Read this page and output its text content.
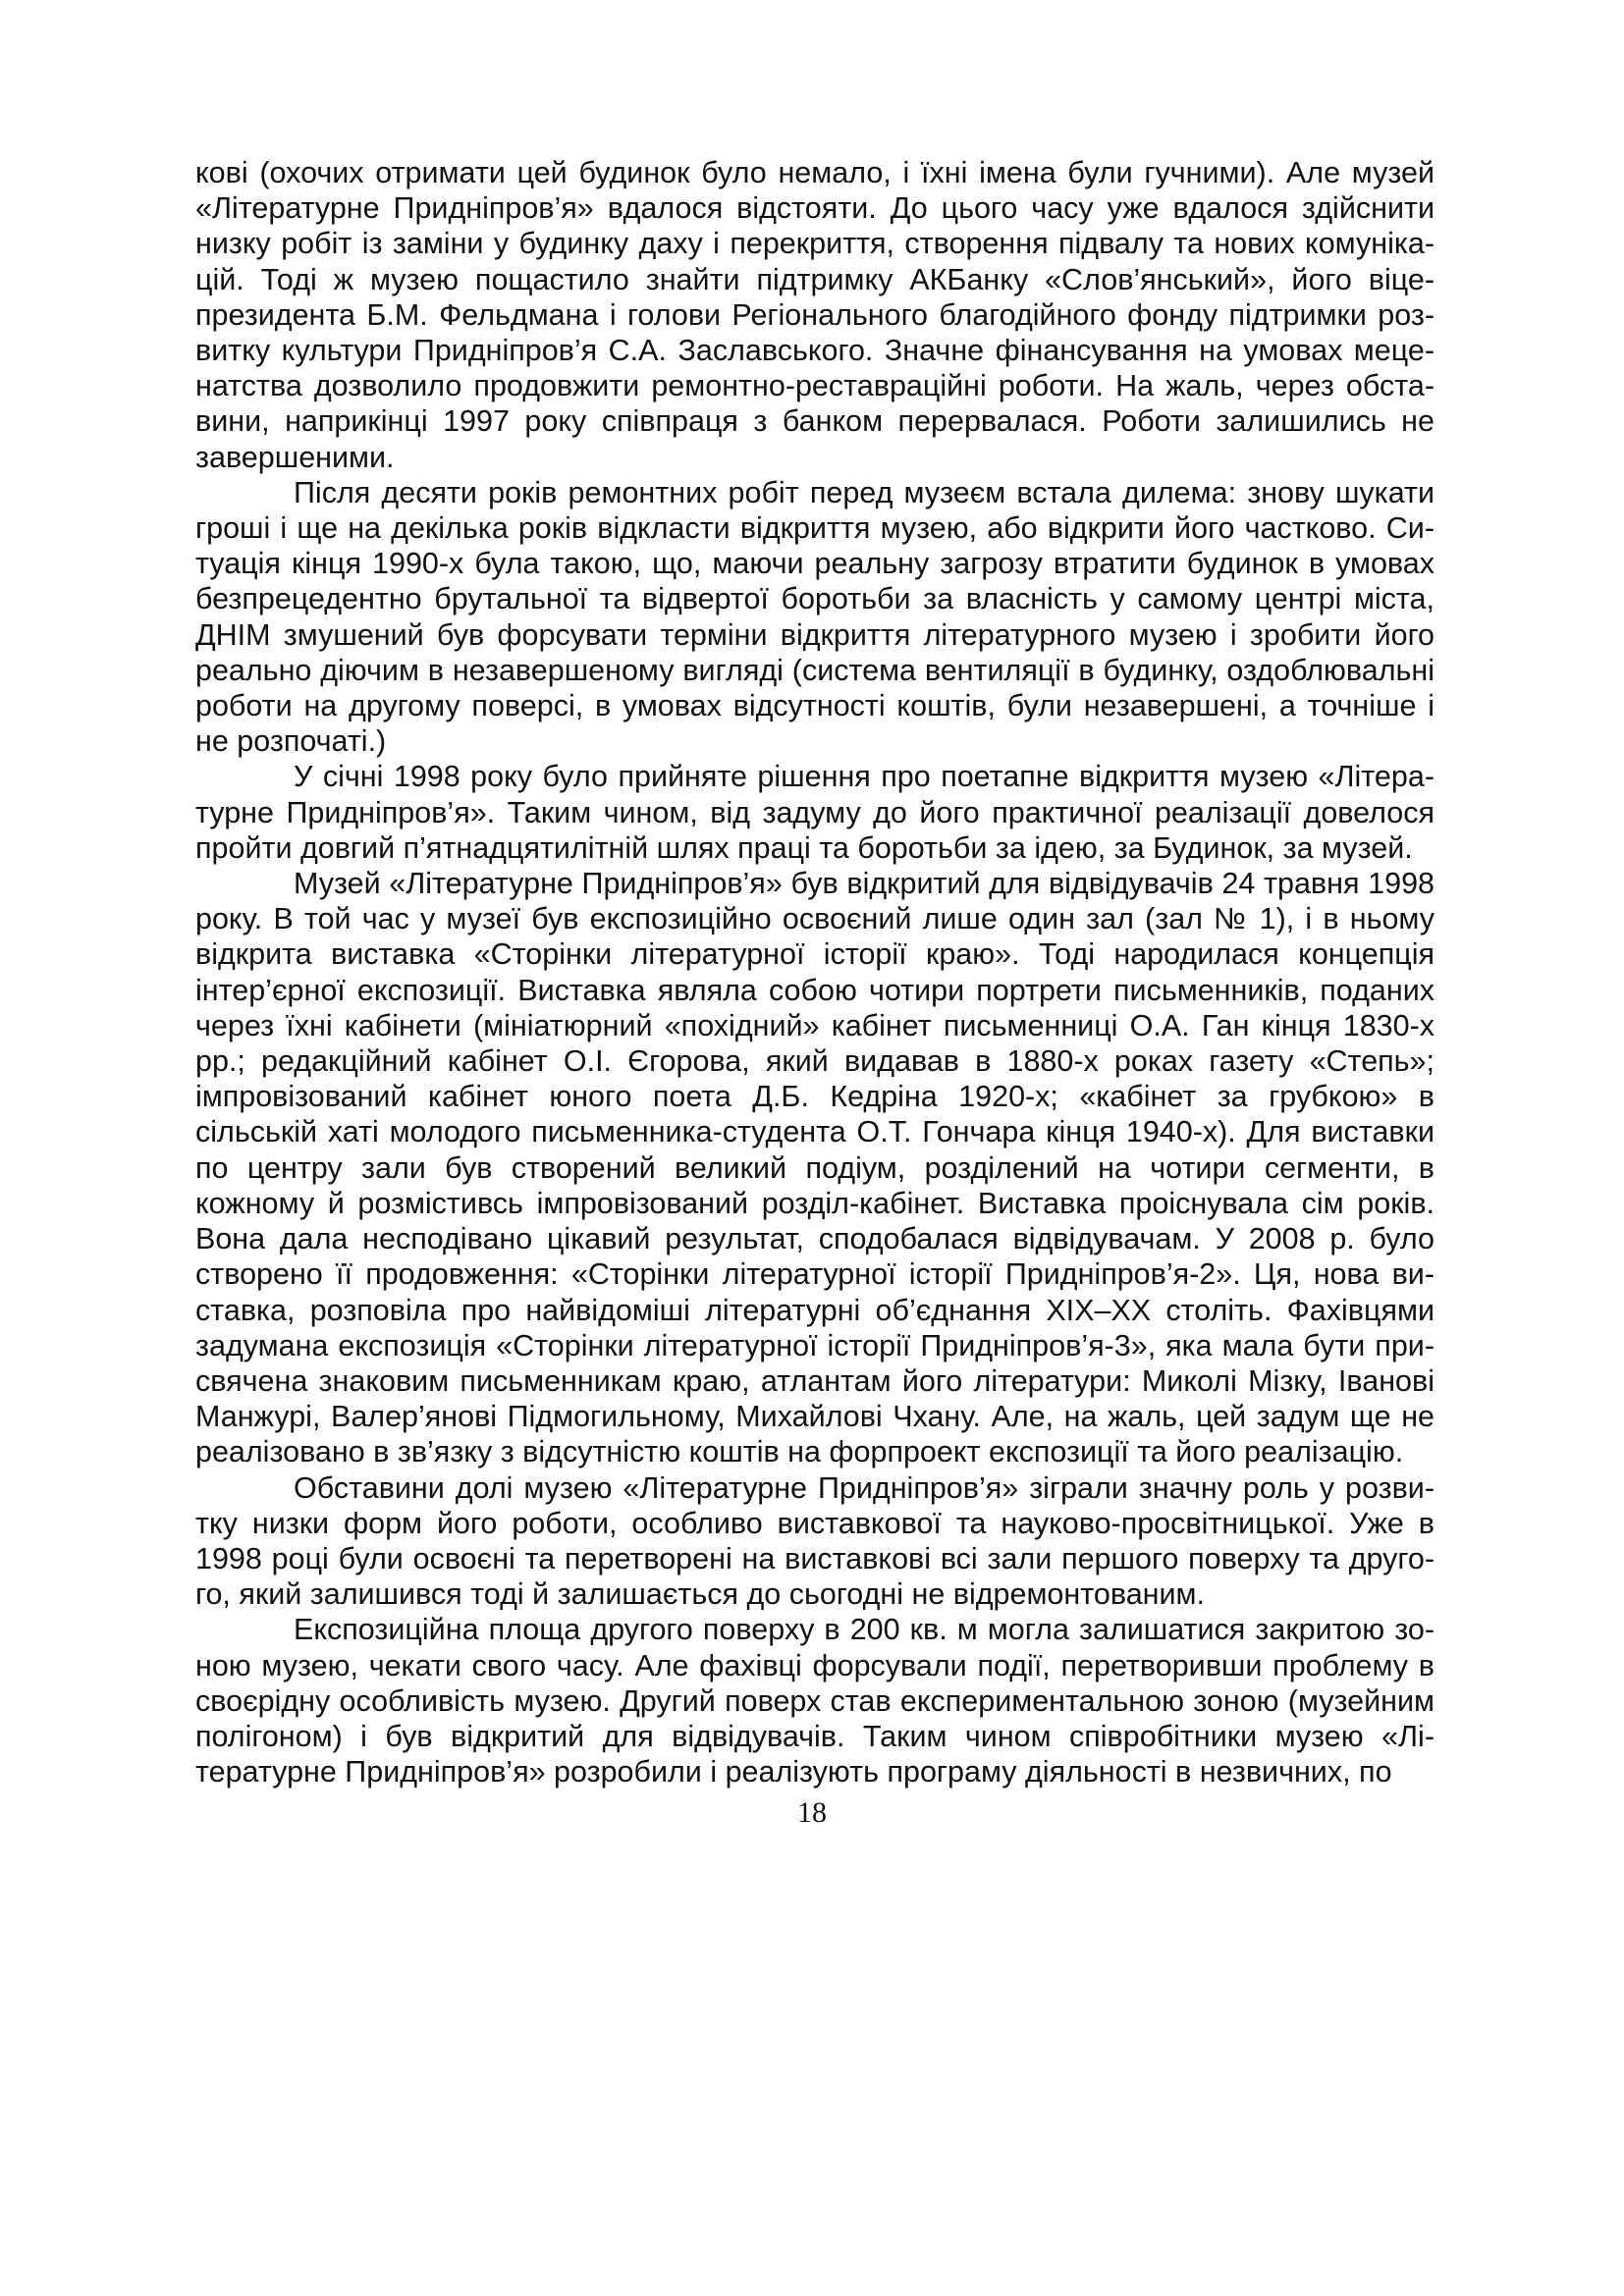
кові (охочих отримати цей будинок було немало, і їхні імена були гучними). Але музей «Літературне Придніпров’я» вдалося відстояти. До цього часу уже вдалося здійснити низку робіт із заміни у будинку даху і перекриття, створення підвалу та нових комунікацій. Тоді ж музею пощастило знайти підтримку АКБанку «Слов’янський», його віцепрезидента Б.М. Фельдмана і голови Регіонального благодійного фонду підтримки розвитку культури Придніпров’я С.А. Заславського. Значне фінансування на умовах меценатства дозволило продовжити ремонтно-реставраційні роботи. На жаль, через обставини, наприкінці 1997 року співпраця з банком перервалася. Роботи залишились не завершеними.

Після десяти років ремонтних робіт перед музеєм встала дилема: знову шукати гроші і ще на декілька років відкласти відкриття музею, або відкрити його частково. Ситуація кінця 1990-х була такою, що, маючи реальну загрозу втратити будинок в умовах безпрецедентно брутальної та відвертої боротьби за власність у самому центрі міста, ДНІМ змушений був форсувати терміни відкриття літературного музею і зробити його реально діючим в незавершеному вигляді (система вентиляції в будинку, оздоблювальні роботи на другому поверсі, в умовах відсутності коштів, були незавершені, а точніше і не розпочаті.)

У січні 1998 року було прийняте рішення про поетапне відкриття музею «Літературне Придніпров’я». Таким чином, від задуму до його практичної реалізації довелося пройти довгий п’ятнадцятилітній шлях праці та боротьби за ідею, за Будинок, за музей.

Музей «Літературне Придніпров’я» був відкритий для відвідувачів 24 травня 1998 року. В той час у музеї був експозиційно освоєний лише один зал (зал № 1), і в ньому відкрита виставка «Сторінки літературної історії краю». Тоді народилася концепція інтер’єрної експозиції. Виставка являла собою чотири портрети письменників, поданих через їхні кабінети (мініатюрний «похідний» кабінет письменниці О.А. Ган кінця 1830-х рр.; редакційний кабінет О.І. Єгорова, який видавав в 1880-х роках газету «Степь»; імпровізований кабінет юного поета Д.Б. Кедріна 1920-х; «кабінет за грубкою» в сільській хаті молодого письменника-студента О.Т. Гончара кінця 1940-х). Для виставки по центру зали був створений великий подіум, розділений на чотири сегменти, в кожному й розмістивсь імпровізований розділ-кабінет. Виставка проіснувала сім років. Вона дала несподівано цікавий результат, сподобалася відвідувачам. У 2008 р. було створено її продовження: «Сторінки літературної історії Придніпров’я-2». Ця, нова виставка, розповіла про найвідоміші літературні об’єднання XIX–XX століть. Фахівцями задумана експозиція «Сторінки літературної історії Придніпров’я-3», яка мала бути присвячена знаковим письменникам краю, атлантам його літератури: Миколі Мізку, Іванові Манжурі, Валер’янові Підмогильному, Михайлові Чхану. Але, на жаль, цей задум ще не реалізовано в зв’язку з відсутністю коштів на форпроект експозиції та його реалізацію.

Обставини долі музею «Літературне Придніпров’я» зіграли значну роль у розвитку низки форм його роботи, особливо виставкової та науково-просвітницької. Уже в 1998 році були освоєні та перетворені на виставкові всі зали першого поверху та другого, який залишився тоді й залишається до сьогодні не відремонтованим.

Експозиційна площа другого поверху в 200 кв. м могла залишатися закритою зоною музею, чекати свого часу. Але фахівці форсували події, перетворивши проблему в своєрідну особливість музею. Другий поверх став експериментальною зоною (музейним полігоном) і був відкритий для відвідувачів. Таким чином співробітники музею «Літературне Придніпров’я» розробили і реалізують програму діяльності в незвичних, по

18
